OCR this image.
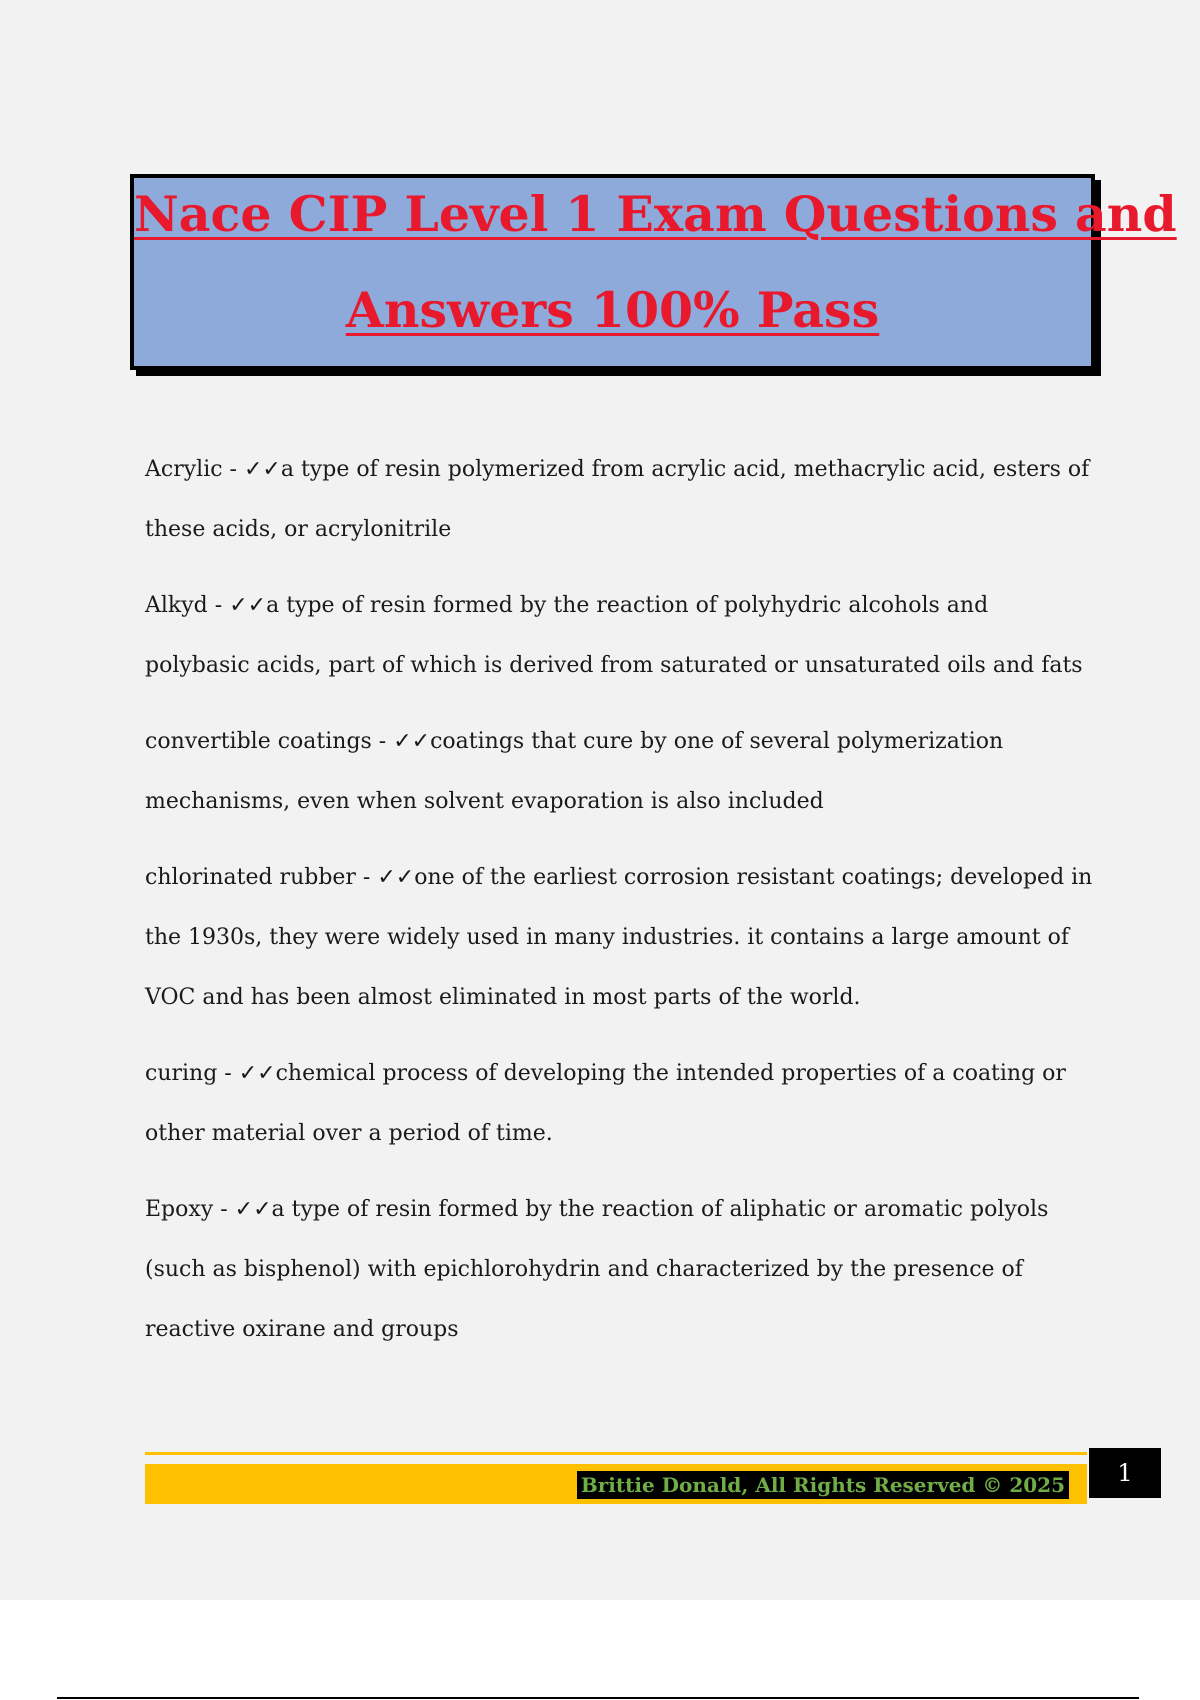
Nace CIP Level 1 Exam Questions and
Answers 100% Pass

Acrylic - ✓✓a type of resin polymerized from acrylic acid, methacrylic acid, esters of these acids, or acrylonitrile

Alkyd - ✓✓a type of resin formed by the reaction of polyhydric alcohols and polybasic acids, part of which is derived from saturated or unsaturated oils and fats

convertible coatings - ✓✓coatings that cure by one of several polymerization mechanisms, even when solvent evaporation is also included

chlorinated rubber - ✓✓one of the earliest corrosion resistant coatings; developed in the 1930s, they were widely used in many industries. it contains a large amount of VOC and has been almost eliminated in most parts of the world.

curing - ✓✓chemical process of developing the intended properties of a coating or other material over a period of time.

Epoxy - ✓✓a type of resin formed by the reaction of aliphatic or aromatic polyols (such as bisphenol) with epichlorohydrin and characterized by the presence of reactive oxirane and groups

Brittie Donald, All Rights Reserved © 2025	1
